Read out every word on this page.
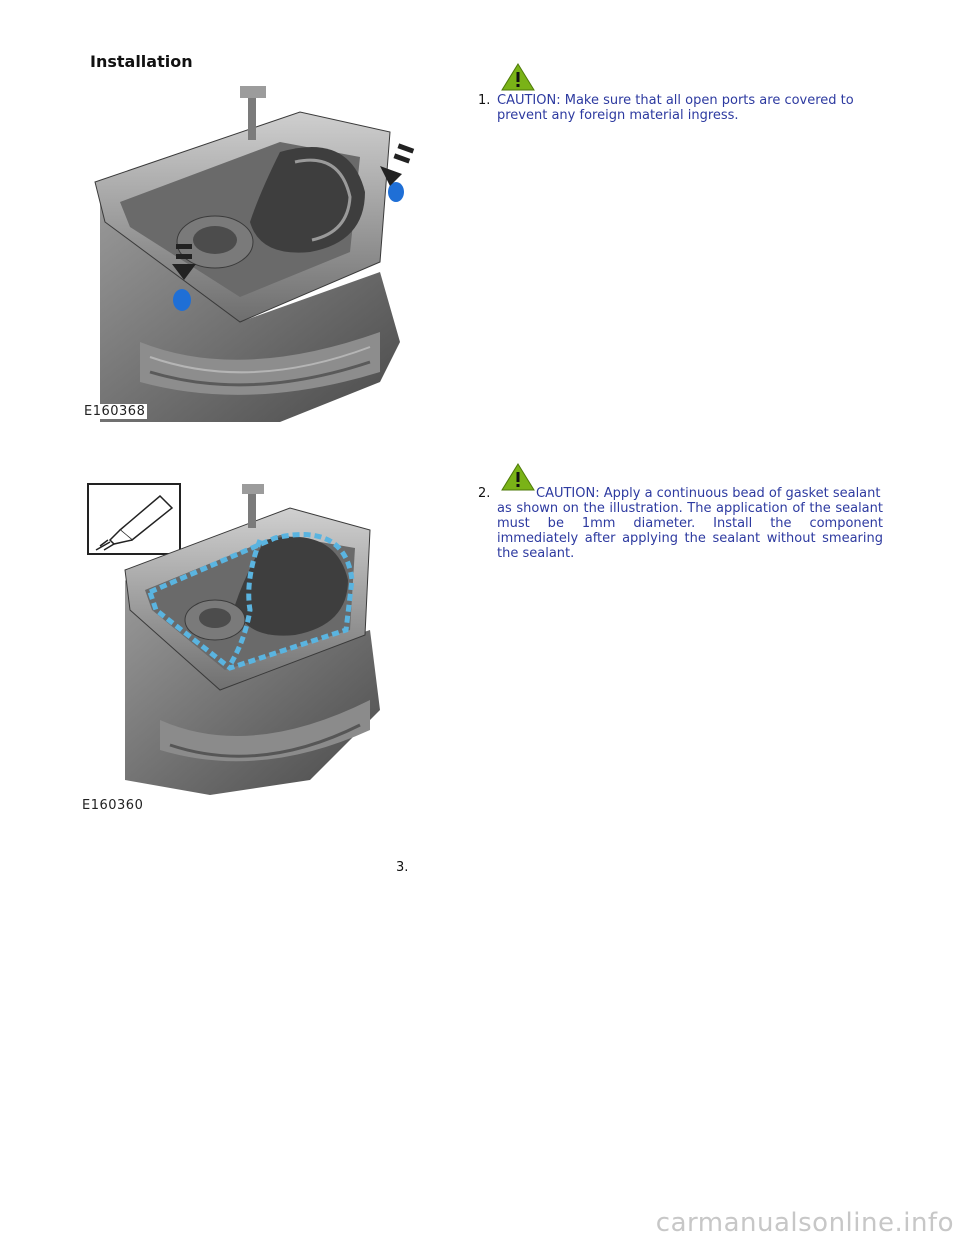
Installation
E160368
1. CAUTION: Make sure that all open ports are covered to prevent any foreign material ingress.
E160360
2.	CAUTION: Apply a continuous bead of gasket sealant
as shown on the illustration. The application of the sealant must be 1mm diameter. Install the component immediately after applying the sealant without smearing the sealant.
3.
carmanualsonline.info
